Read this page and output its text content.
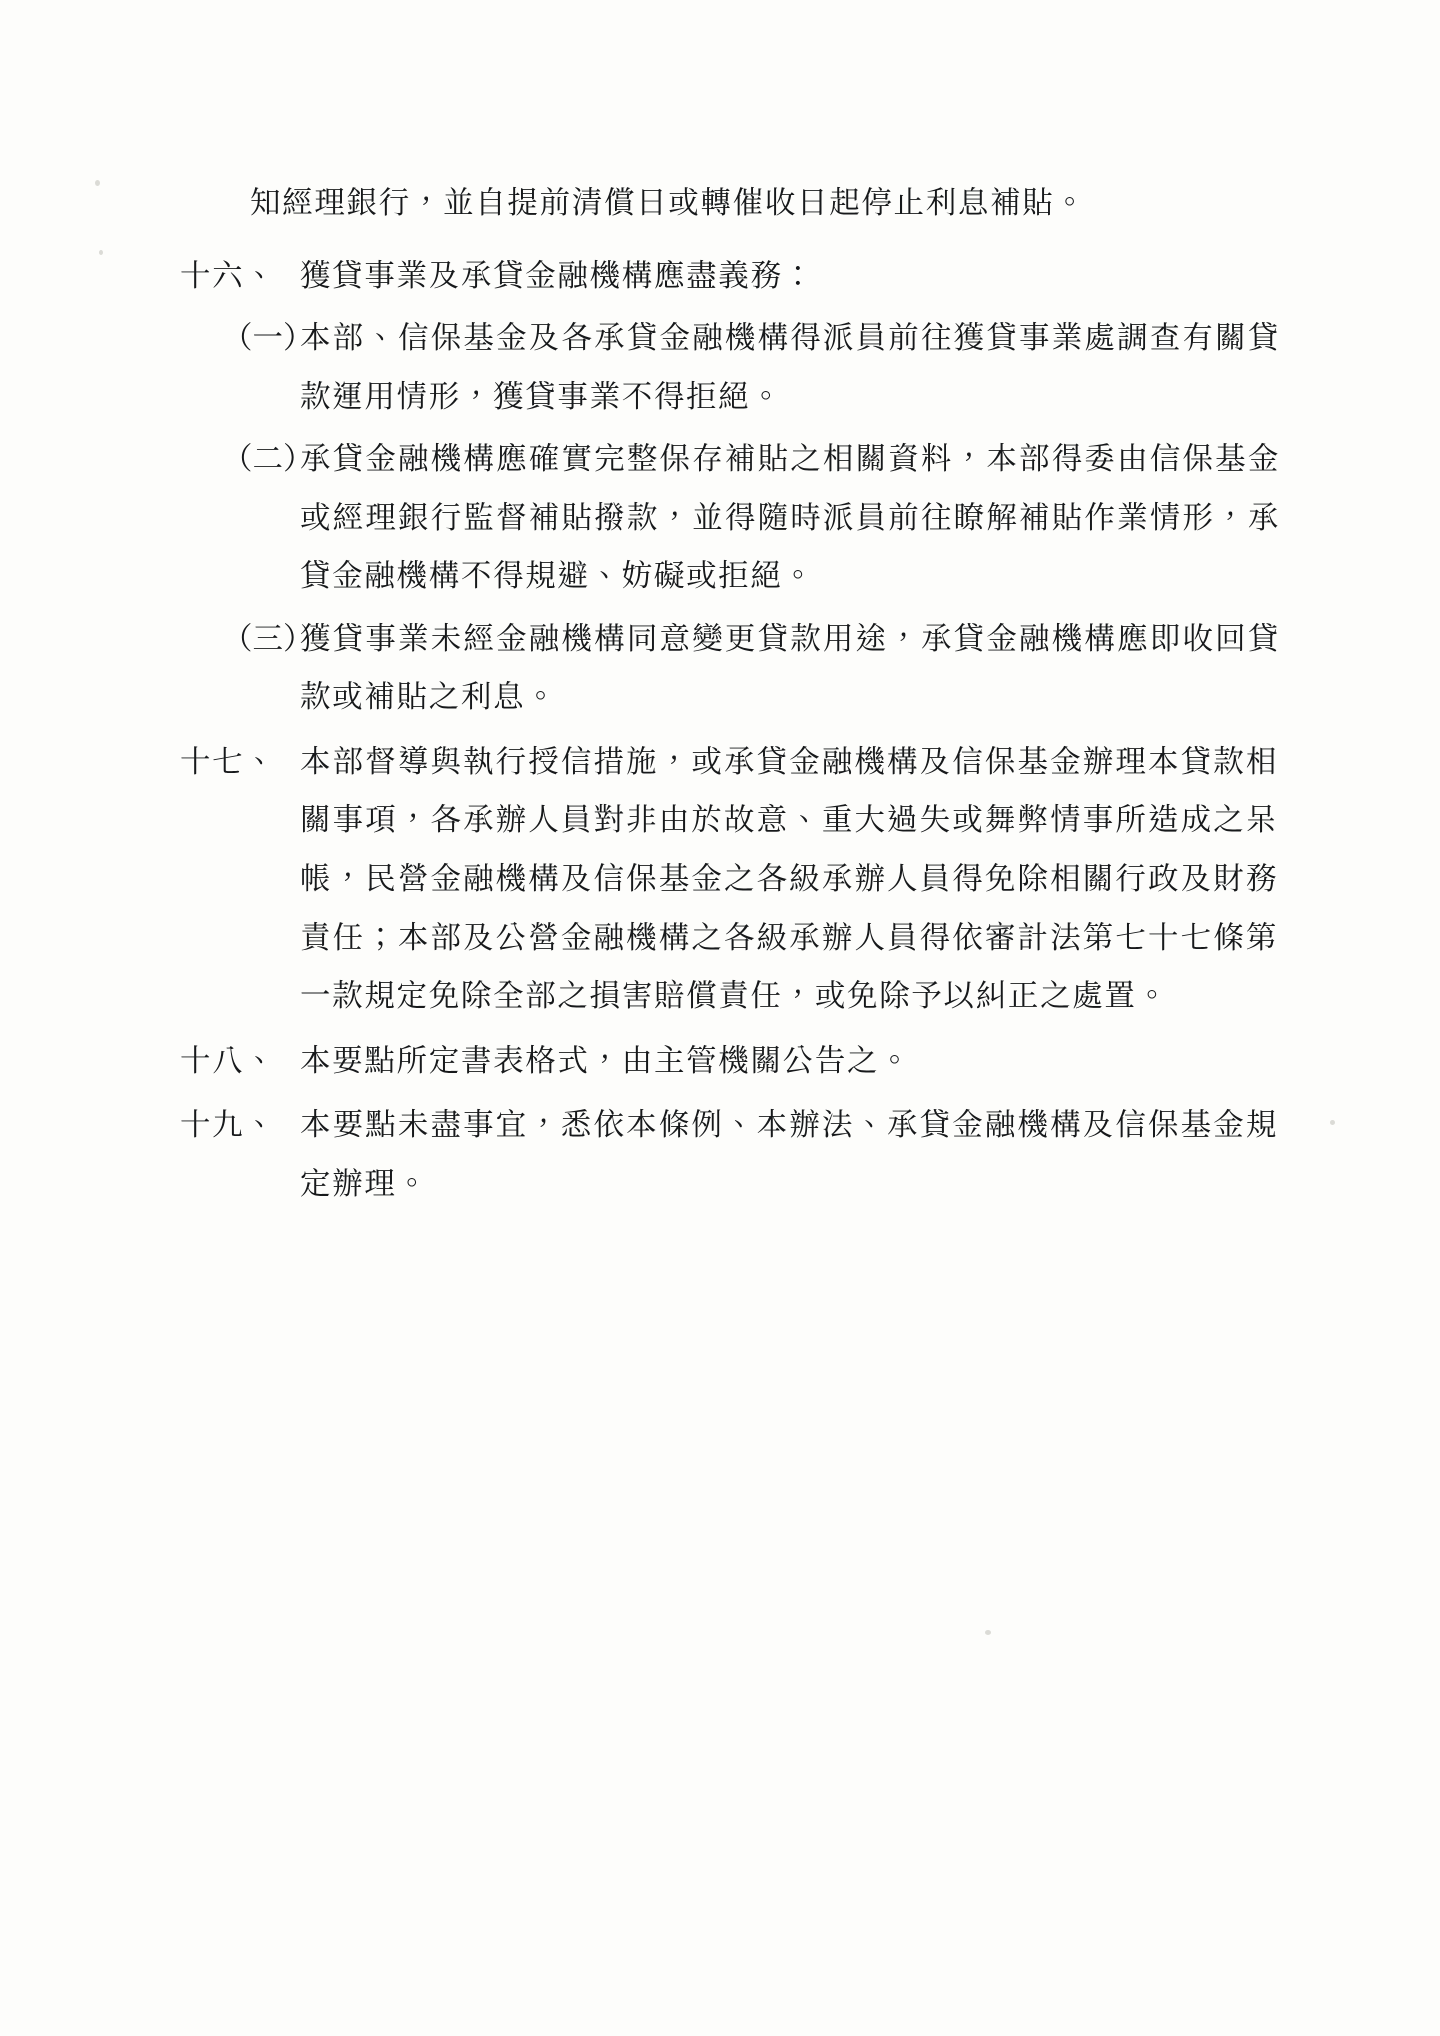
知經理銀行，並自提前清償日或轉催收日起停止利息補貼。
十六、 獲貸事業及承貸金融機構應盡義務：
（一）
本部、信保基金及各承貸金融機構得派員前往獲貸事業處調查有關貸款運用情形，獲貸事業不得拒絕。
（二）
承貸金融機構應確實完整保存補貼之相關資料，本部得委由信保基金或經理銀行監督補貼撥款，並得隨時派員前往瞭解補貼作業情形，承貸金融機構不得規避、妨礙或拒絕。
（三）
獲貸事業未經金融機構同意變更貸款用途，承貸金融機構應即收回貸款或補貼之利息。
十七、 本部督導與執行授信措施，或承貸金融機構及信保基金辦理本貸款相關事項，各承辦人員對非由於故意、重大過失或舞弊情事所造成之呆帳，民營金融機構及信保基金之各級承辦人員得免除相關行政及財務責任；本部及公營金融機構之各級承辦人員得依審計法第七十七條第一款規定免除全部之損害賠償責任，或免除予以糾正之處置。
十八、 本要點所定書表格式，由主管機關公告之。
十九、 本要點未盡事宜，悉依本條例、本辦法、承貸金融機構及信保基金規定辦理。
